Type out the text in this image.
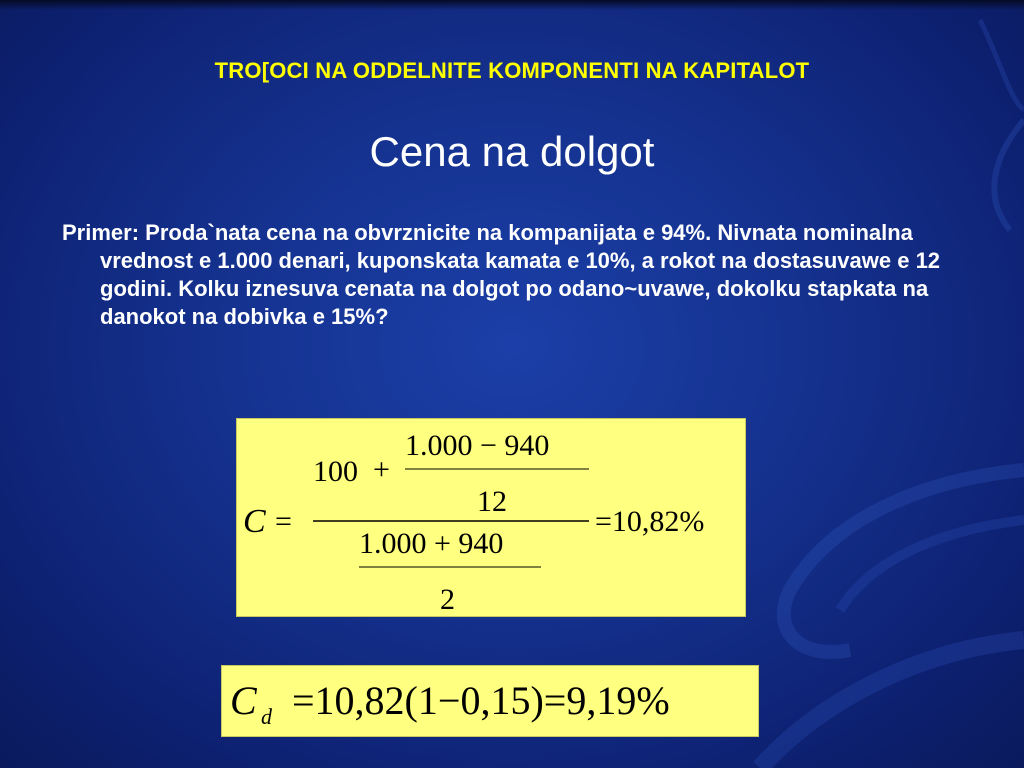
TRO[OCI NA ODDELNITE KOMPONENTI NA KAPITALOT
Cena na dolgot

Primer: Proda`nata cena na obvrznicite na kompanijata e 94%. Nivnata nominalna vrednost e 1.000 denari, kuponskata kamata e 10%, a rokot na dostasuvawe e 12 godini. Kolku iznesuva cenata na dolgot po odano~uvawe, dokolku stapkata na danokot na dobivka e 15%?

C =
100 +
1.000 − 940
12
1.000 + 940
2
=10,82%
C d =10,82(1−0,15)=9,19%
